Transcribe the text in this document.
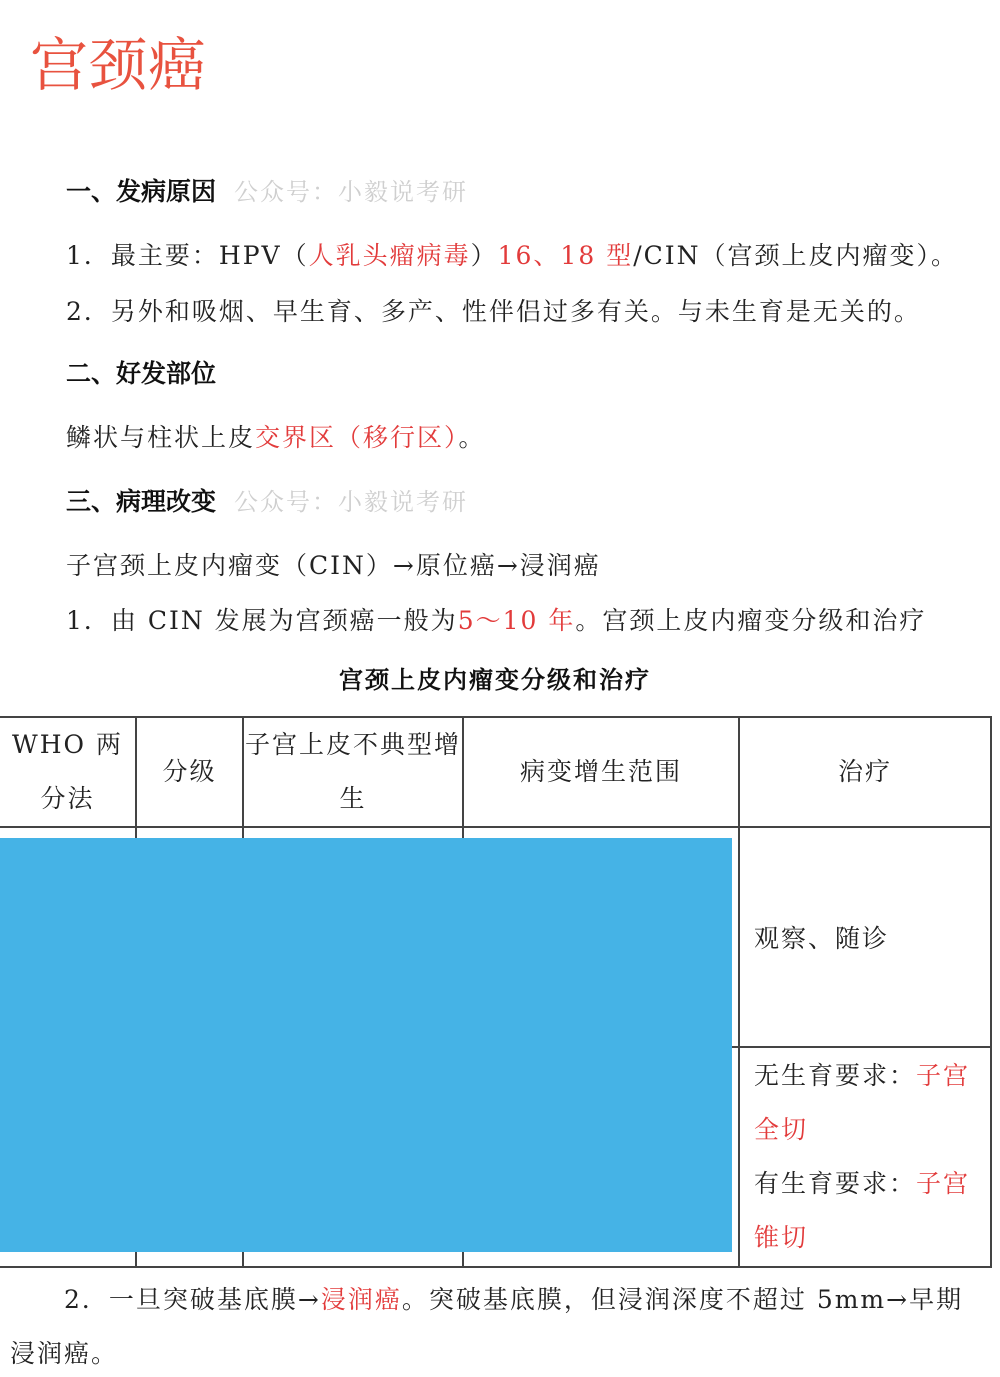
宫颈癌
一、发病原因 公众号：小毅说考研
1．最主要：HPV（人乳头瘤病毒）16、18 型/CIN（宫颈上皮内瘤变）。
2．另外和吸烟、早生育、多产、性伴侣过多有关。与未生育是无关的。
二、好发部位
鳞状与柱状上皮交界区（移行区）。
三、病理改变 公众号：小毅说考研
子宫颈上皮内瘤变（CIN）→原位癌→浸润癌
1．由 CIN 发展为宫颈癌一般为5～10 年。宫颈上皮内瘤变分级和治疗
宫颈上皮内瘤变分级和治疗
WHO 两分法	分级	子宫上皮不典型增生	病变增生范围	治疗
				观察、随诊
				无生育要求：子宫全切
有生育要求：子宫锥切
2．一旦突破基底膜→浸润癌。突破基底膜，但浸润深度不超过 5mm→早期
浸润癌。
